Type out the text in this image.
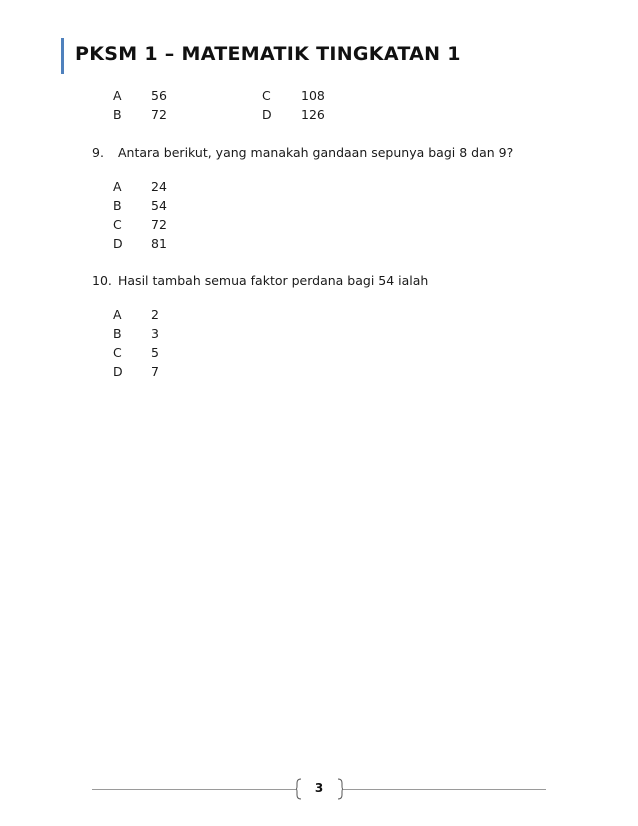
PKSM 1 – MATEMATIK TINGKATAN 1
A 56
B 72
C 108
D 126
9. Antara berikut, yang manakah gandaan sepunya bagi 8 dan 9?
A 24
B 54
C 72
D 81
10. Hasil tambah semua faktor perdana bagi 54 ialah
A 2
B 3
C 5
D 7
3
